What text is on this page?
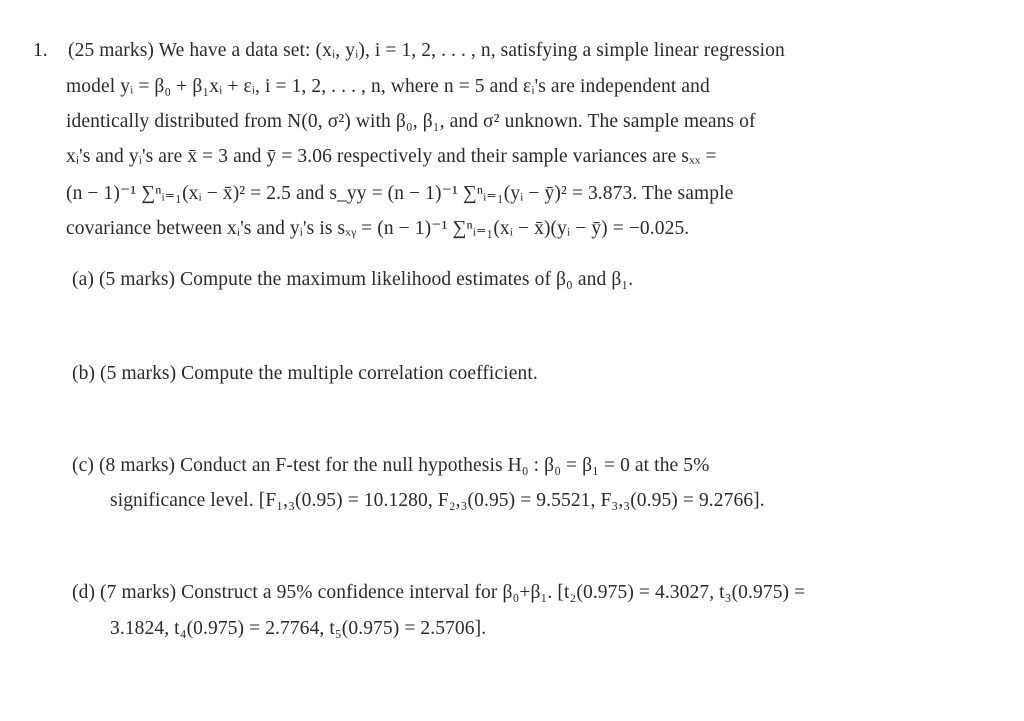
1. (25 marks) We have a data set: (xᵢ, yᵢ), i = 1, 2, . . . , n, satisfying a simple linear regression
model yᵢ = β₀ + β₁xᵢ + εᵢ, i = 1, 2, . . . , n, where n = 5 and εᵢ's are independent and
identically distributed from N(0, σ²) with β₀, β₁, and σ² unknown. The sample means of
xᵢ's and yᵢ's are x̄ = 3 and ȳ = 3.06 respectively and their sample variances are sₓₓ =
(n − 1)⁻¹ ∑ⁿᵢ₌₁(xᵢ − x̄)² = 2.5 and s_yy = (n − 1)⁻¹ ∑ⁿᵢ₌₁(yᵢ − ȳ)² = 3.873. The sample
covariance between xᵢ's and yᵢ's is sₓᵧ = (n − 1)⁻¹ ∑ⁿᵢ₌₁(xᵢ − x̄)(yᵢ − ȳ) = −0.025.
(a) (5 marks) Compute the maximum likelihood estimates of β₀ and β₁.
(b) (5 marks) Compute the multiple correlation coefficient.
(c) (8 marks) Conduct an F-test for the null hypothesis H₀ : β₀ = β₁ = 0 at the 5%
significance level. [F₁,₃(0.95) = 10.1280, F₂,₃(0.95) = 9.5521, F₃,₃(0.95) = 9.2766].
(d) (7 marks) Construct a 95% confidence interval for β₀+β₁. [t₂(0.975) = 4.3027, t₃(0.975) =
3.1824, t₄(0.975) = 2.7764, t₅(0.975) = 2.5706].
